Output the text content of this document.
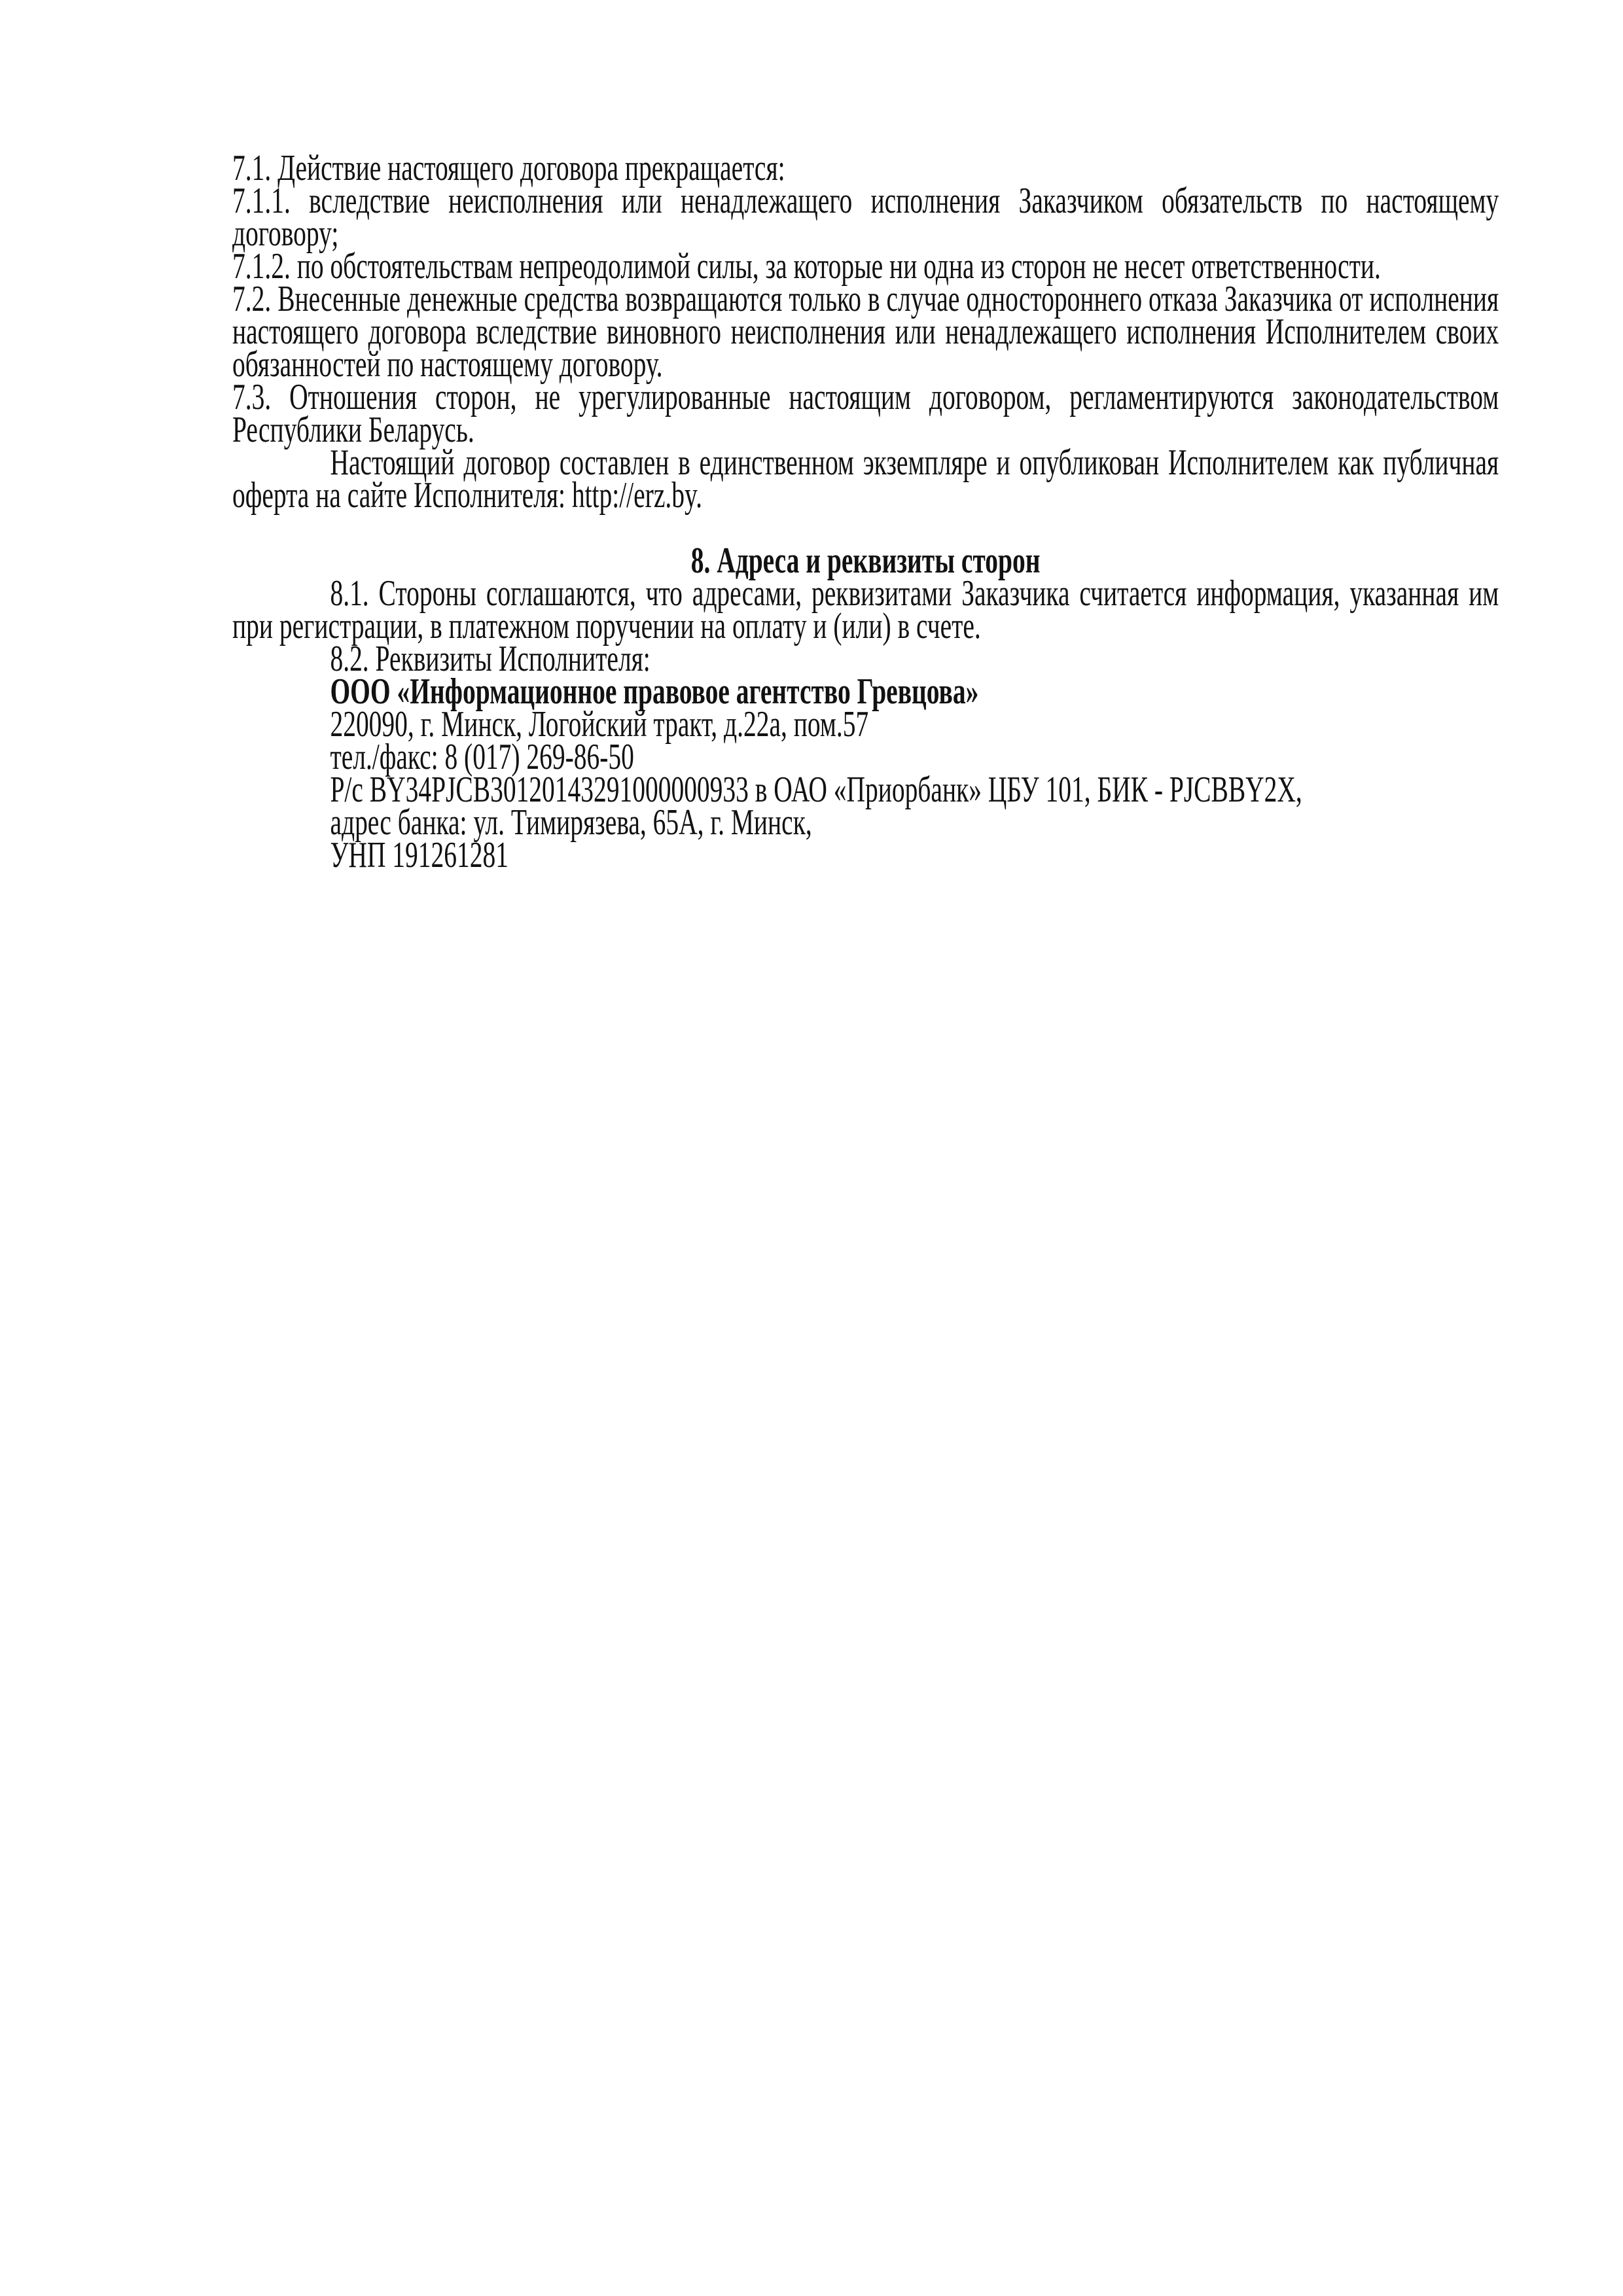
7.1. Действие настоящего договора прекращается:

7.1.1. вследствие неисполнения или ненадлежащего исполнения Заказчиком обязательств по настоящему договору;

7.1.2. по обстоятельствам непреодолимой силы, за которые ни одна из сторон не несет ответственности.

7.2. Внесенные денежные средства возвращаются только в случае одностороннего отказа Заказчика от исполнения настоящего договора вследствие виновного неисполнения или ненадлежащего исполнения Исполнителем своих обязанностей по настоящему договору.

7.3. Отношения сторон, не урегулированные настоящим договором, регламентируются законодательством Республики Беларусь.

Настоящий договор составлен в единственном экземпляре и опубликован Исполнителем как публичная оферта на сайте Исполнителя: http://erz.by.

8. Адреса и реквизиты сторон

8.1. Стороны соглашаются, что адресами, реквизитами Заказчика считается информация, указанная им при регистрации, в платежном поручении на оплату и (или) в счете.

8.2. Реквизиты Исполнителя:

ООО «Информационное правовое агентство Гревцова»

220090, г. Минск, Логойский тракт, д.22а, пом.57

тел./факс: 8 (017) 269-86-50

Р/с BY34PJCB30120143291000000933 в ОАО «Приорбанк» ЦБУ 101, БИК - PJCBBY2X,

адрес банка: ул. Тимирязева, 65А, г. Минск,

УНП 191261281
